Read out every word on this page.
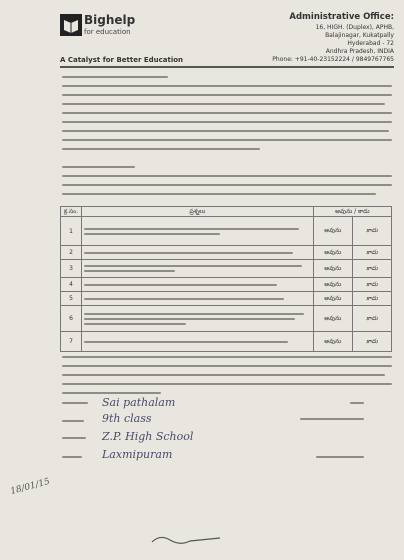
Bighelp
for education
A Catalyst for Better Education
Administrative Office:
16, HIGH. (Duplex), APHB,
Balajinagar, Kukatpally
Hyderabad - 72
Andhra Pradesh, INDIA
Phone: +91-40-23152224 / 9849767765
క్ర.సం.	ప్రశ్నలు	అవును / కాదు	
1		అవును	కాదు
2		అవును	కాదు
3		అవును	కాదు
4		అవును	కాదు
5		అవును	కాదు
6		అవును	కాదు
7		అవును	కాదు
Sai pathalam
9th class
Z.P. High School
Laxmipuram
18/01/15
